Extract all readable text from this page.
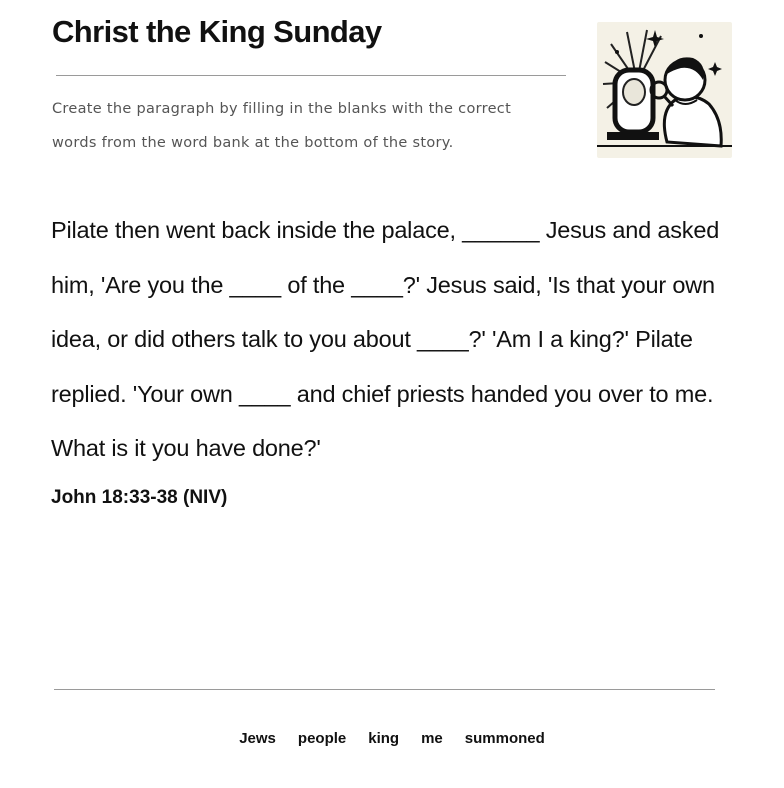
Christ the King Sunday
Create the paragraph by filling in the blanks with the correct words from the word bank at the bottom of the story.
Pilate then went back inside the palace, ______ Jesus and asked him, 'Are you the ____ of the ____?' Jesus said, 'Is that your own idea, or did others talk to you about ____?' 'Am I a king?' Pilate replied. 'Your own ____ and chief priests handed you over to me. What is it you have done?'
John 18:33-38 (NIV)
Jews people king me summoned
